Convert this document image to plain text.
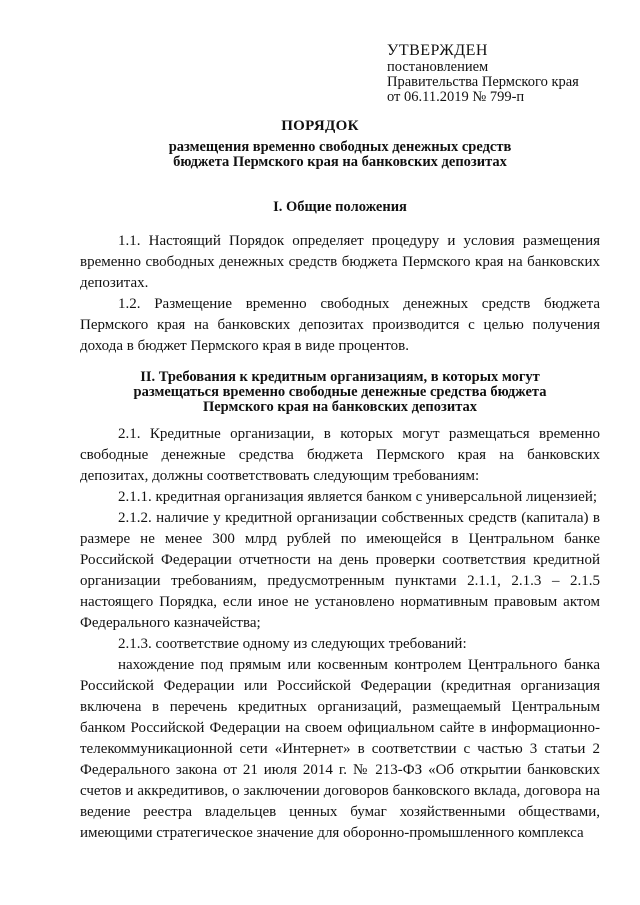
УТВЕРЖДЕН
постановлением
Правительства Пермского края
от 06.11.2019 № 799-п
ПОРЯДОК
размещения временно свободных денежных средств
бюджета Пермского края на банковских депозитах
I. Общие положения

1.1. Настоящий Порядок определяет процедуру и условия размещения временно свободных денежных средств бюджета Пермского края на банковских депозитах.

1.2. Размещение временно свободных денежных средств бюджета Пермского края на банковских депозитах производится с целью получения дохода в бюджет Пермского края в виде процентов.

II. Требования к кредитным организациям, в которых могут
размещаться временно свободные денежные средства бюджета
Пермского края на банковских депозитах

2.1. Кредитные организации, в которых могут размещаться временно свободные денежные средства бюджета Пермского края на банковских депозитах, должны соответствовать следующим требованиям:

2.1.1. кредитная организация является банком с универсальной лицензией;

2.1.2. наличие у кредитной организации собственных средств (капитала) в размере не менее 300 млрд рублей по имеющейся в Центральном банке Российской Федерации отчетности на день проверки соответствия кредитной организации требованиям, предусмотренным пунктами 2.1.1, 2.1.3 – 2.1.5 настоящего Порядка, если иное не установлено нормативным правовым актом Федерального казначейства;

2.1.3. соответствие одному из следующих требований:

нахождение под прямым или косвенным контролем Центрального банка Российской Федерации или Российской Федерации (кредитная организация включена в перечень кредитных организаций, размещаемый Центральным банком Российской Федерации на своем официальном сайте в информационно-телекоммуникационной сети «Интернет» в соответствии с частью 3 статьи 2 Федерального закона от 21 июля 2014 г. № 213-ФЗ «Об открытии банковских счетов и аккредитивов, о заключении договоров банковского вклада, договора на ведение реестра владельцев ценных бумаг хозяйственными обществами, имеющими стратегическое значение для оборонно-промышленного комплекса
